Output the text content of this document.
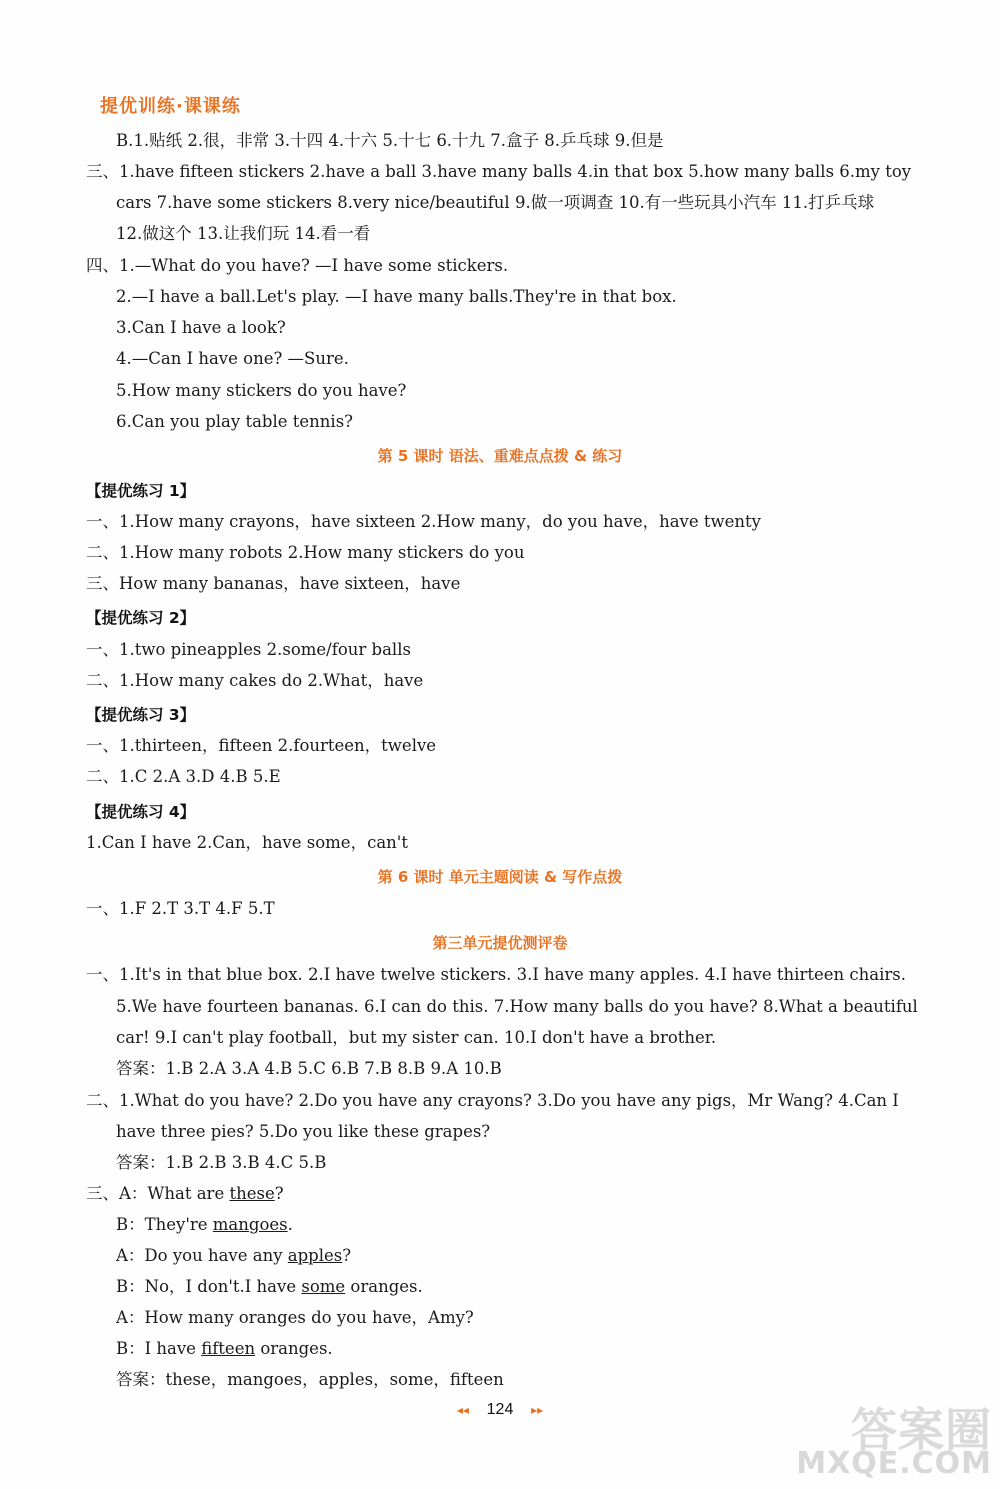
提优训练·课课练
B.1.贴纸 2.很，非常 3.十四 4.十六 5.十七 6.十九 7.盒子 8.乒乓球 9.但是
三、1.have fifteen stickers 2.have a ball 3.have many balls 4.in that box 5.how many balls 6.my toy
cars 7.have some stickers 8.very nice/beautiful 9.做一项调查 10.有一些玩具小汽车 11.打乒乓球
12.做这个 13.让我们玩 14.看一看
四、1.—What do you have? —I have some stickers.
2.—I have a ball.Let's play. —I have many balls.They're in that box.
3.Can I have a look?
4.—Can I have one? —Sure.
5.How many stickers do you have?
6.Can you play table tennis?
第 5 课时 语法、重难点点拨 & 练习
【提优练习 1】
一、1.How many crayons，have sixteen 2.How many，do you have，have twenty
二、1.How many robots 2.How many stickers do you
三、How many bananas，have sixteen，have
【提优练习 2】
一、1.two pineapples 2.some/four balls
二、1.How many cakes do 2.What，have
【提优练习 3】
一、1.thirteen，fifteen 2.fourteen，twelve
二、1.C 2.A 3.D 4.B 5.E
【提优练习 4】
1.Can I have 2.Can，have some，can't
第 6 课时 单元主题阅读 & 写作点拨
一、1.F 2.T 3.T 4.F 5.T
第三单元提优测评卷
一、1.It's in that blue box. 2.I have twelve stickers. 3.I have many apples. 4.I have thirteen chairs.
5.We have fourteen bananas. 6.I can do this. 7.How many balls do you have? 8.What a beautiful
car! 9.I can't play football，but my sister can. 10.I don't have a brother.
答案：1.B 2.A 3.A 4.B 5.C 6.B 7.B 8.B 9.A 10.B
二、1.What do you have? 2.Do you have any crayons? 3.Do you have any pigs，Mr Wang? 4.Can I
have three pies? 5.Do you like these grapes?
答案：1.B 2.B 3.B 4.C 5.B
三、A：What are these?
B：They're mangoes.
A：Do you have any apples?
B：No，I don't.I have some oranges.
A：How many oranges do you have，Amy?
B：I have fifteen oranges.
答案：these，mangoes，apples，some，fifteen
◂◂ 124 ▸▸	答案圈
MXQE.COM
